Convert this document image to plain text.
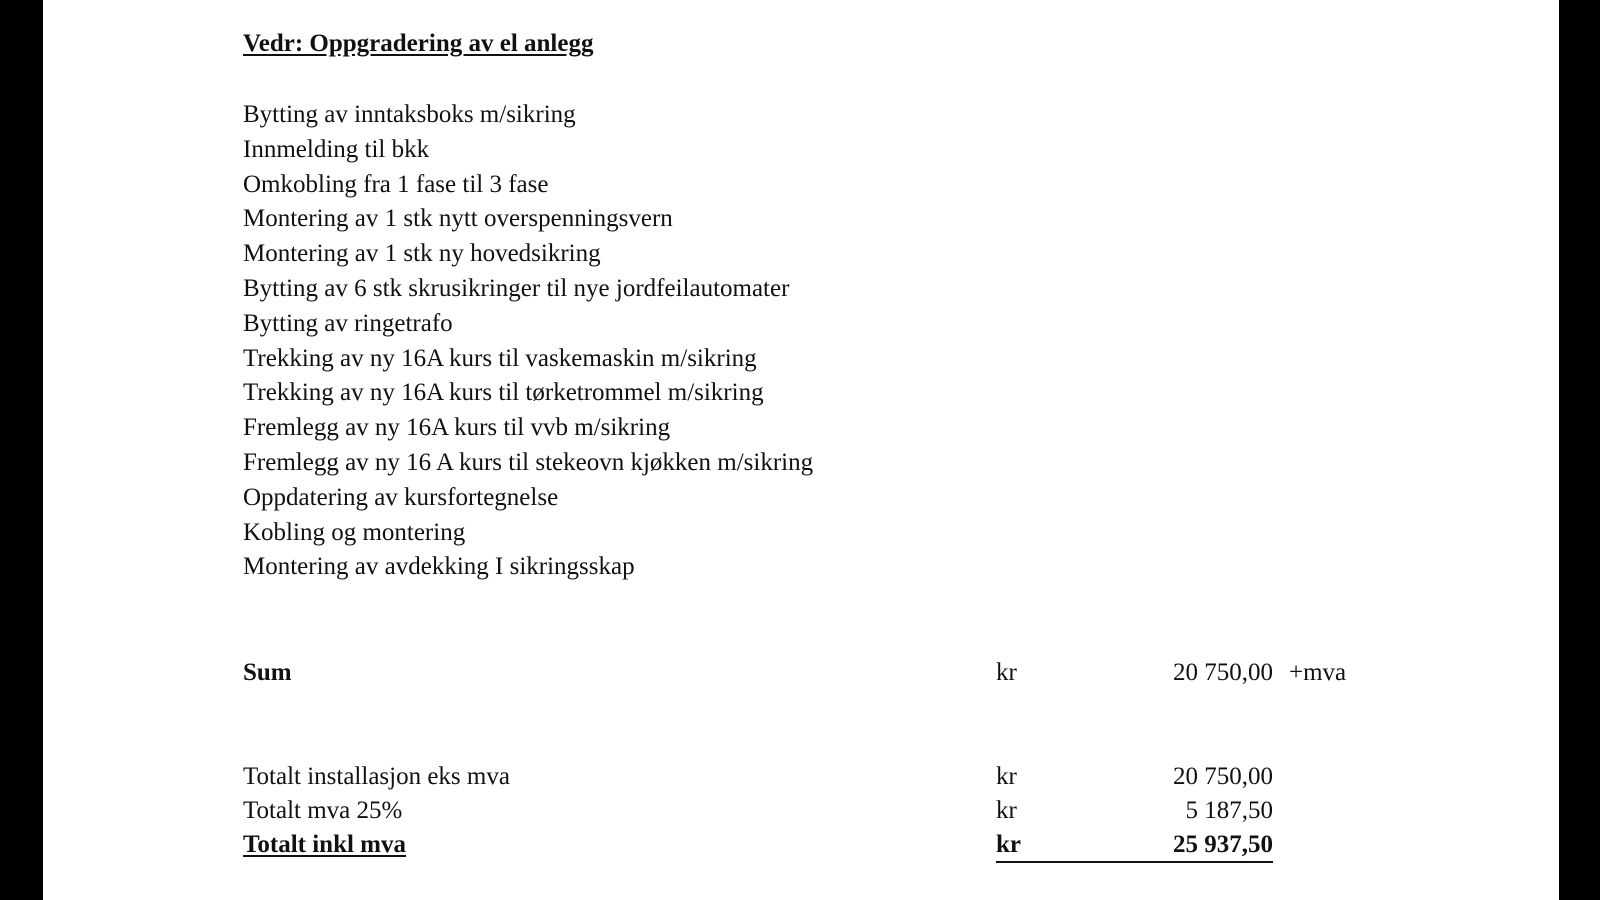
Vedr: Oppgradering av el anlegg
Bytting av inntaksboks m/sikring
Innmelding til bkk
Omkobling fra 1 fase til 3 fase
Montering av 1 stk nytt overspenningsvern
Montering av 1 stk ny hovedsikring
Bytting av 6 stk skrusikringer til nye jordfeilautomater
Bytting av ringetrafo
Trekking av ny 16A kurs til vaskemaskin m/sikring
Trekking av ny 16A kurs til tørketrommel m/sikring
Fremlegg av ny 16A kurs til vvb m/sikring
Fremlegg av ny 16 A kurs til stekeovn kjøkken m/sikring
Oppdatering av kursfortegnelse
Kobling og montering
Montering av avdekking I sikringsskap
Sum	kr	20 750,00 +mva
Totalt installasjon eks mva	kr	20 750,00
Totalt mva 25%	kr	5 187,50
Totalt inkl mva	kr	25 937,50
